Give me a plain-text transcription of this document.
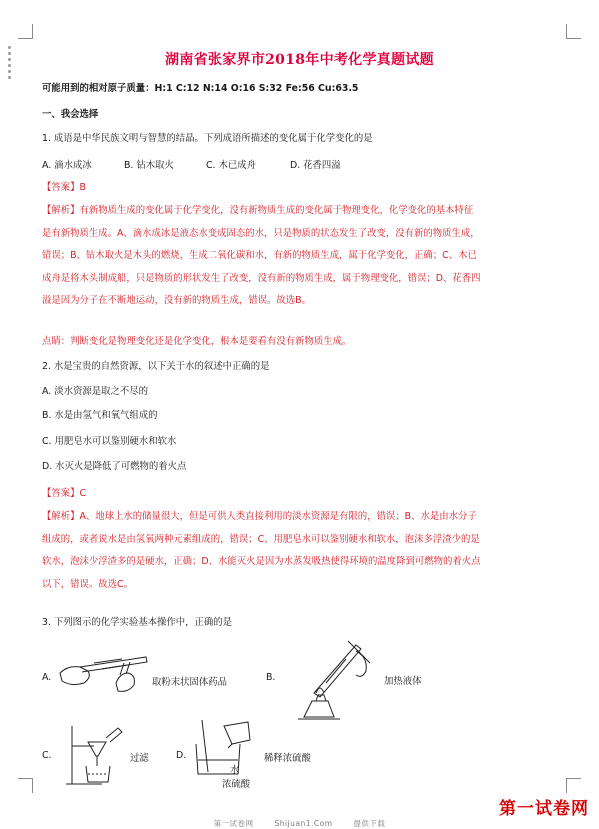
湖南省张家界市2018年中考化学真题试题
可能用到的相对原子质量：H:1 C:12 N:14 O:16 S:32 Fe:56 Cu:63.5
一、我会选择
1. 成语是中华民族文明与智慧的结晶。下列成语所描述的变化属于化学变化的是
A. 滴水成冰	B. 钻木取火	C. 木已成舟	D. 花香四溢
【答案】B
【解析】有新物质生成的变化属于化学变化，没有新物质生成的变化属于物理变化，化学变化的基本特征
是有新物质生成。A、滴水成冰是液态水变成固态的水，只是物质的状态发生了改变，没有新的物质生成，
错误；B、钻木取火是木头的燃烧，生成二氧化碳和水，有新的物质生成，属于化学变化，正确；C、木已
成舟是将木头制成船，只是物质的形状发生了改变，没有新的物质生成，属于物理变化，错误；D、花香四
溢是因为分子在不断地运动，没有新的物质生成，错误。故选B。
点睛：判断变化是物理变化还是化学变化，根本是要看有没有新物质生成。
2. 水是宝贵的自然资源，以下关于水的叙述中正确的是
A. 淡水资源是取之不尽的
B. 水是由氢气和氧气组成的
C. 用肥皂水可以鉴别硬水和软水
D. 水灭火是降低了可燃物的着火点
【答案】C
【解析】A、地球上水的储量很大，但是可供人类直接利用的淡水资源是有限的，错误；B、水是由水分子
组成的，或者说水是由氢氧两种元素组成的，错误；C、用肥皂水可以鉴别硬水和软水，泡沫多浮渣少的是
软水，泡沫少浮渣多的是硬水，正确；D、水能灭火是因为水蒸发吸热使得环境的温度降到可燃物的着火点
以下，错误。故选C。
3. 下列图示的化学实验基本操作中，正确的是
A.	取粉末状固体药品	B.	加热液体
C.	过滤	D.
水
浓硫酸
稀释浓硫酸
第一试卷网	Shijuan1.Com	提供下载
第一试卷网
